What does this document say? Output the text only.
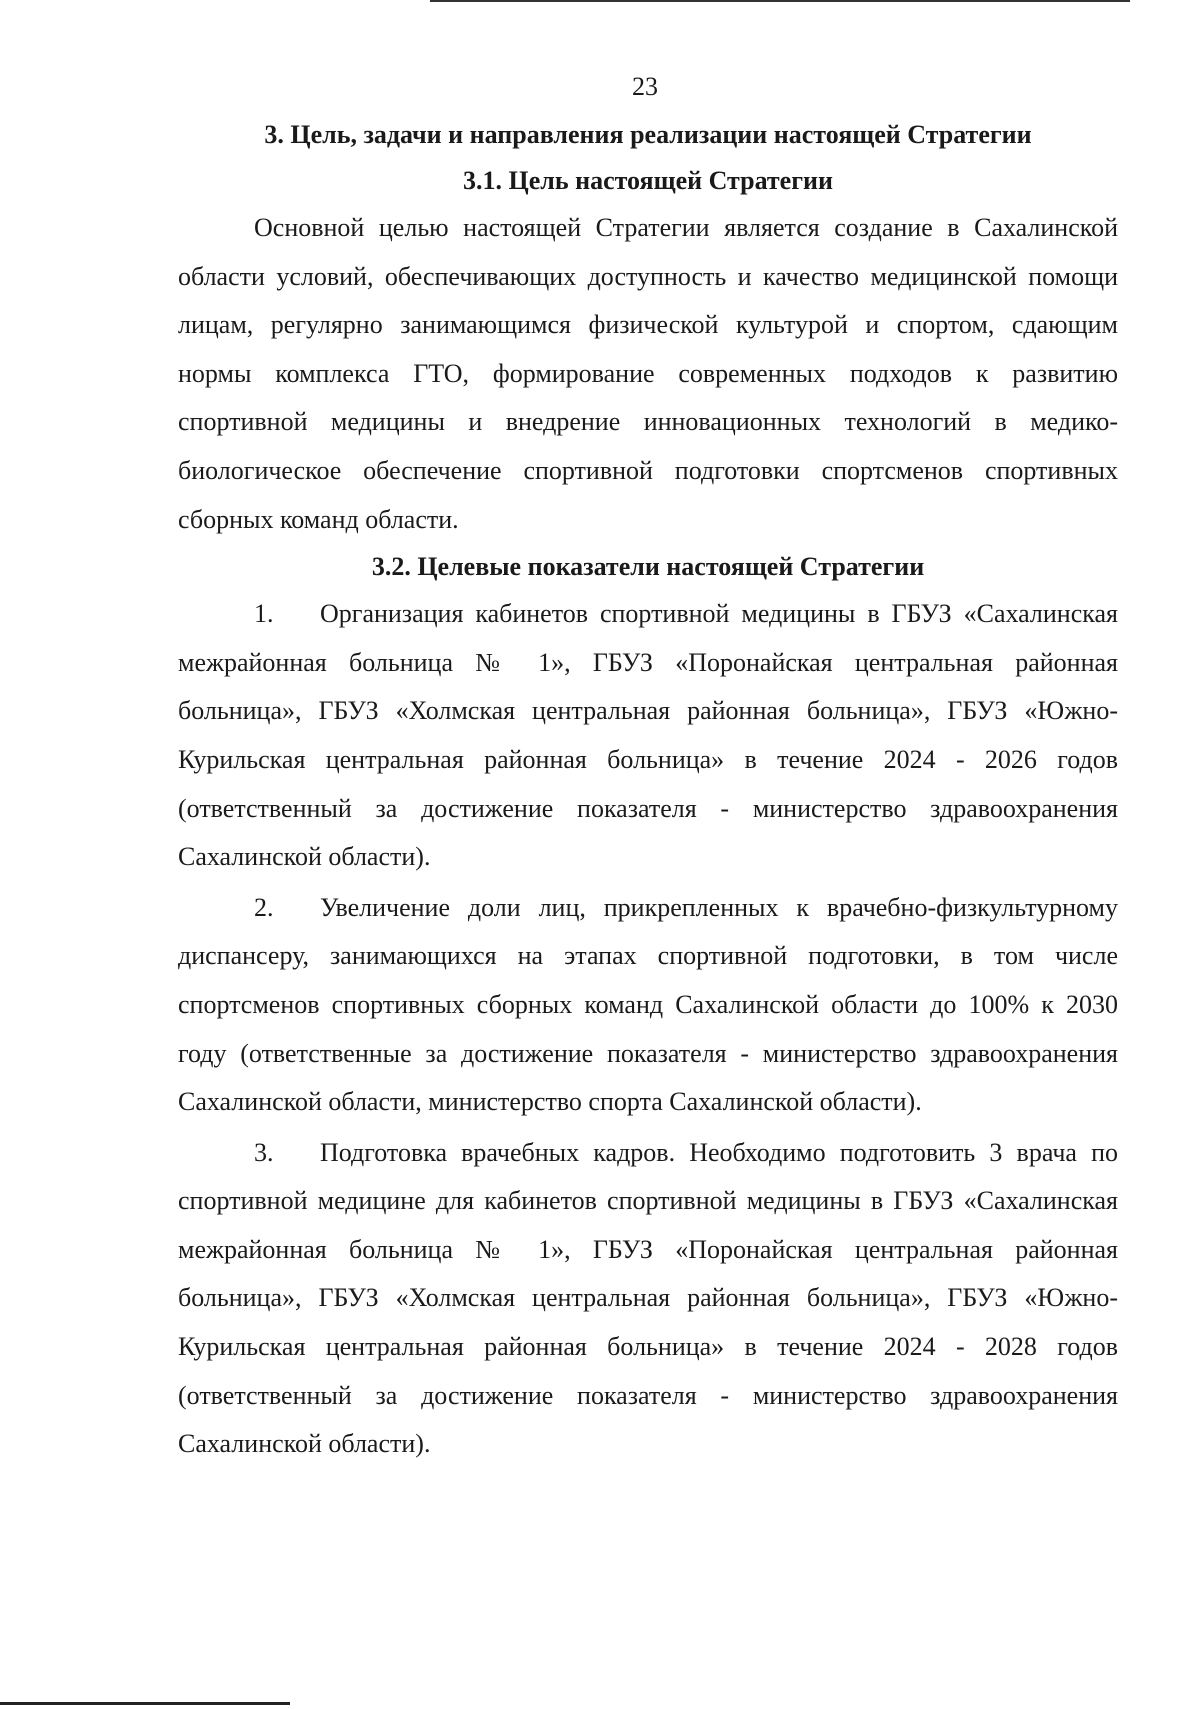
23
3. Цель, задачи и направления реализации настоящей Стратегии
3.1. Цель настоящей Стратегии

Основной целью настоящей Стратегии является создание в Сахалинской области условий, обеспечивающих доступность и качество медицинской помощи лицам, регулярно занимающимся физической культурой и спортом, сдающим нормы комплекса ГТО, формирование современных подходов к развитию спортивной медицины и внедрение инновационных технологий в медико-биологическое обеспечение спортивной подготовки спортсменов спортивных сборных команд области.

3.2. Целевые показатели настоящей Стратегии

1. Организация кабинетов спортивной медицины в ГБУЗ «Сахалинская межрайонная больница № 1», ГБУЗ «Поронайская центральная районная больница», ГБУЗ «Холмская центральная районная больница», ГБУЗ «Южно-Курильская центральная районная больница» в течение 2024 - 2026 годов (ответственный за достижение показателя - министерство здравоохранения Сахалинской области).

2. Увеличение доли лиц, прикрепленных к врачебно-физкультурному диспансеру, занимающихся на этапах спортивной подготовки, в том числе спортсменов спортивных сборных команд Сахалинской области до 100% к 2030 году (ответственные за достижение показателя - министерство здравоохранения Сахалинской области, министерство спорта Сахалинской области).

3. Подготовка врачебных кадров. Необходимо подготовить 3 врача по спортивной медицине для кабинетов спортивной медицины в ГБУЗ «Сахалинская межрайонная больница № 1», ГБУЗ «Поронайская центральная районная больница», ГБУЗ «Холмская центральная районная больница», ГБУЗ «Южно-Курильская центральная районная больница» в течение 2024 - 2028 годов (ответственный за достижение показателя - министерство здравоохранения Сахалинской области).
